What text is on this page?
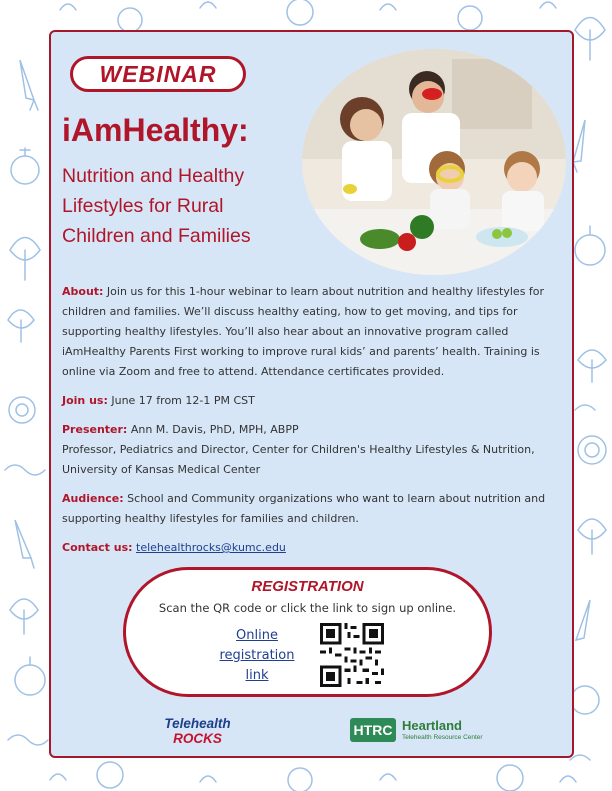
WEBINAR
iAmHealthy:
Nutrition and Healthy
Lifestyles for Rural
Children and Families

About: Join us for this 1-hour webinar to learn about nutrition and healthy lifestyles for children and families. We’ll discuss healthy eating, how to get moving, and tips for supporting healthy lifestyles. You’ll also hear about an innovative program called iAmHealthy Parents First working to improve rural kids’ and parents’ health. Training is online via Zoom and free to attend. Attendance certificates provided.

Join us: June 17 from 12-1 PM CST

Presenter: Ann M. Davis, PhD, MPH, ABPP
Professor, Pediatrics and Director, Center for Children's Healthy Lifestyles & Nutrition, University of Kansas Medical Center

Audience: School and Community organizations who want to learn about nutrition and supporting healthy lifestyles for families and children.

Contact us: telehealthrocks@kumc.edu

REGISTRATION
Scan the QR code or click the link to sign up online.
Online
registration
link
Telehealth
ROCKS
HTRC Heartland
Telehealth Resource Center
